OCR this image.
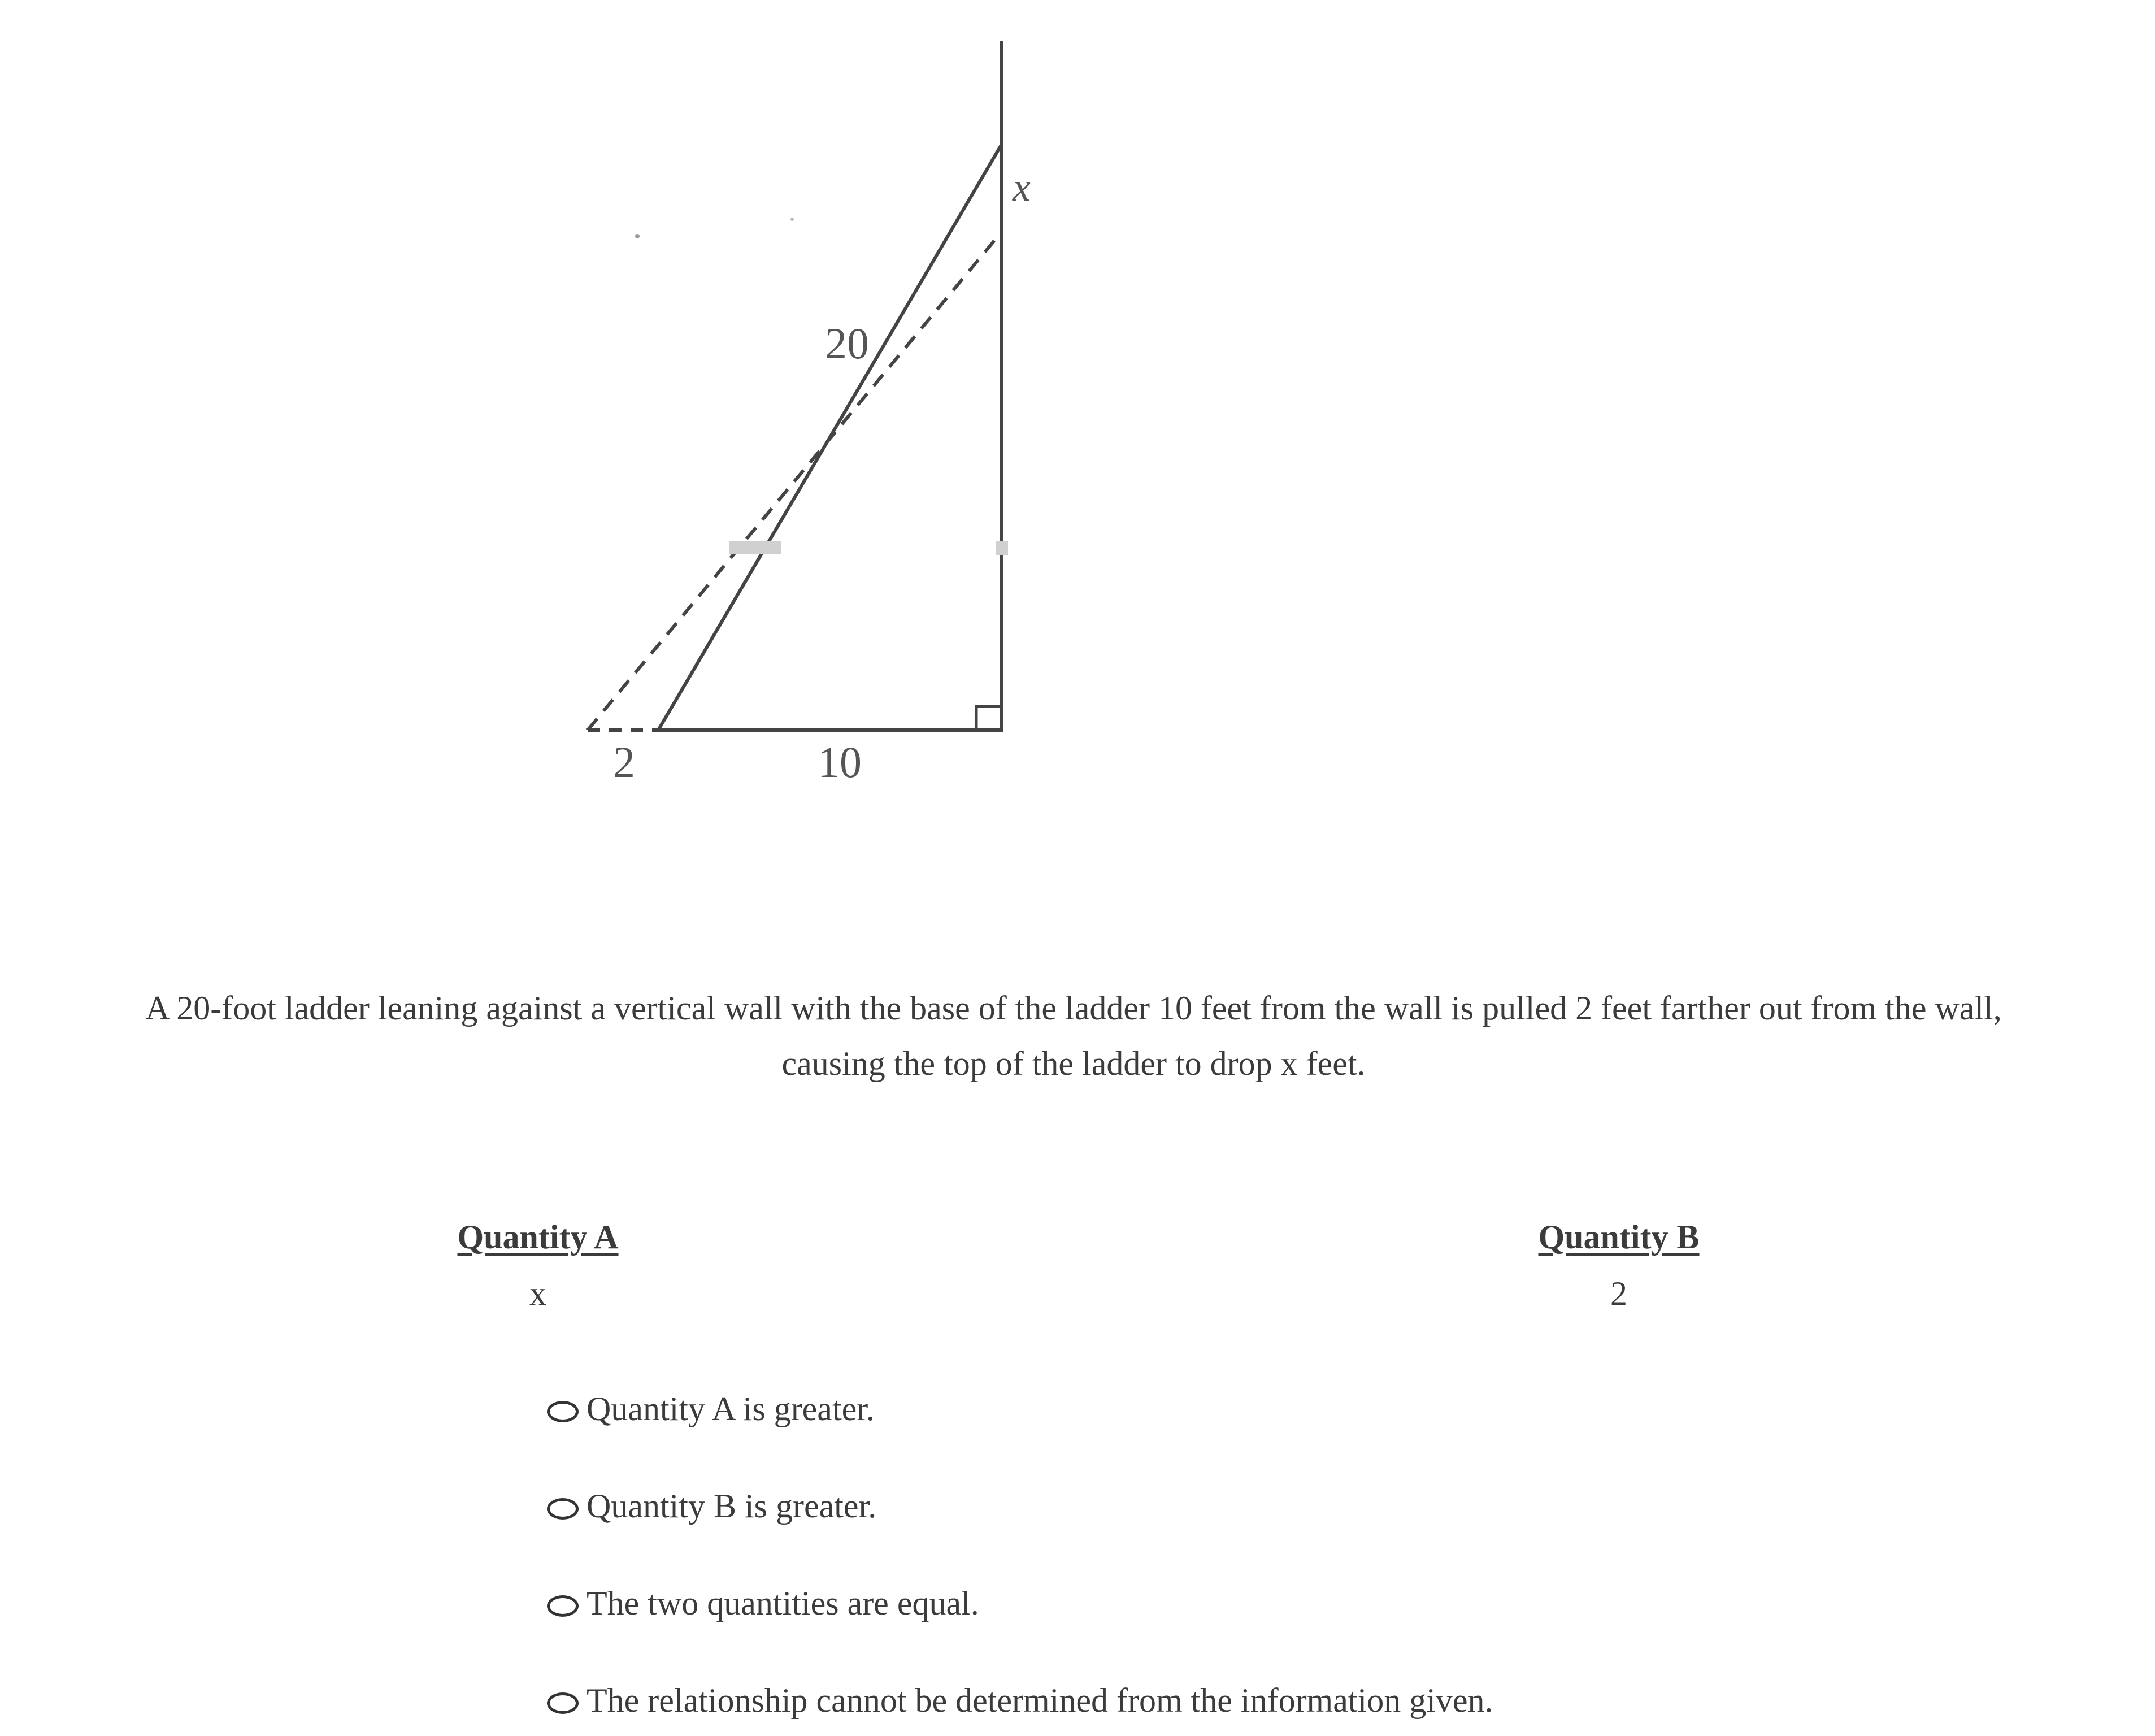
20
x
2	10
A 20-foot ladder leaning against a vertical wall with the base of the ladder 10 feet from the wall is pulled 2 feet farther out from the wall, causing the top of the ladder to drop x feet.
Quantity A	Quantity B
x	2
Quantity A is greater.
Quantity B is greater.
The two quantities are equal.
The relationship cannot be determined from the information given.
